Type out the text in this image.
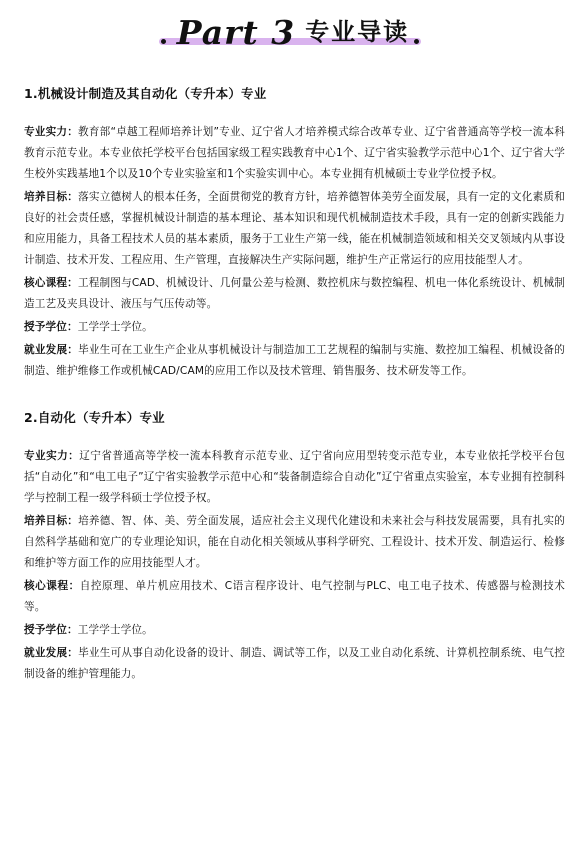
Part 3 专业导读
1.机械设计制造及其自动化（专升本）专业

专业实力：教育部“卓越工程师培养计划”专业、辽宁省人才培养模式综合改革专业、辽宁省普通高等学校一流本科教育示范专业。本专业依托学校平台包括国家级工程实践教育中心1个、辽宁省实验教学示范中心1个、辽宁省大学生校外实践基地1个以及10个专业实验室和1个实验实训中心。本专业拥有机械硕士专业学位授予权。

培养目标：落实立德树人的根本任务，全面贯彻党的教育方针，培养德智体美劳全面发展，具有一定的文化素质和良好的社会责任感，掌握机械设计制造的基本理论、基本知识和现代机械制造技术手段，具有一定的创新实践能力和应用能力，具备工程技术人员的基本素质，服务于工业生产第一线，能在机械制造领域和相关交叉领域内从事设计制造、技术开发、工程应用、生产管理，直接解决生产实际问题，维护生产正常运行的应用技能型人才。

核心课程：工程制图与CAD、机械设计、几何量公差与检测、数控机床与数控编程、机电一体化系统设计、机械制造工艺及夹具设计、液压与气压传动等。

授予学位：工学学士学位。

就业发展：毕业生可在工业生产企业从事机械设计与制造加工工艺规程的编制与实施、数控加工编程、机械设备的制造、维护维修工作或机械CAD/CAM的应用工作以及技术管理、销售服务、技术研发等工作。

2.自动化（专升本）专业

专业实力：辽宁省普通高等学校一流本科教育示范专业、辽宁省向应用型转变示范专业，本专业依托学校平台包括“自动化”和“电工电子”辽宁省实验教学示范中心和“装备制造综合自动化”辽宁省重点实验室，本专业拥有控制科学与控制工程一级学科硕士学位授予权。

培养目标：培养德、智、体、美、劳全面发展，适应社会主义现代化建设和未来社会与科技发展需要，具有扎实的自然科学基础和宽广的专业理论知识，能在自动化相关领域从事科学研究、工程设计、技术开发、制造运行、检修和维护等方面工作的应用技能型人才。

核心课程：自控原理、单片机应用技术、C语言程序设计、电气控制与PLC、电工电子技术、传感器与检测技术等。

授予学位：工学学士学位。

就业发展：毕业生可从事自动化设备的设计、制造、调试等工作，以及工业自动化系统、计算机控制系统、电气控制设备的维护管理能力。
